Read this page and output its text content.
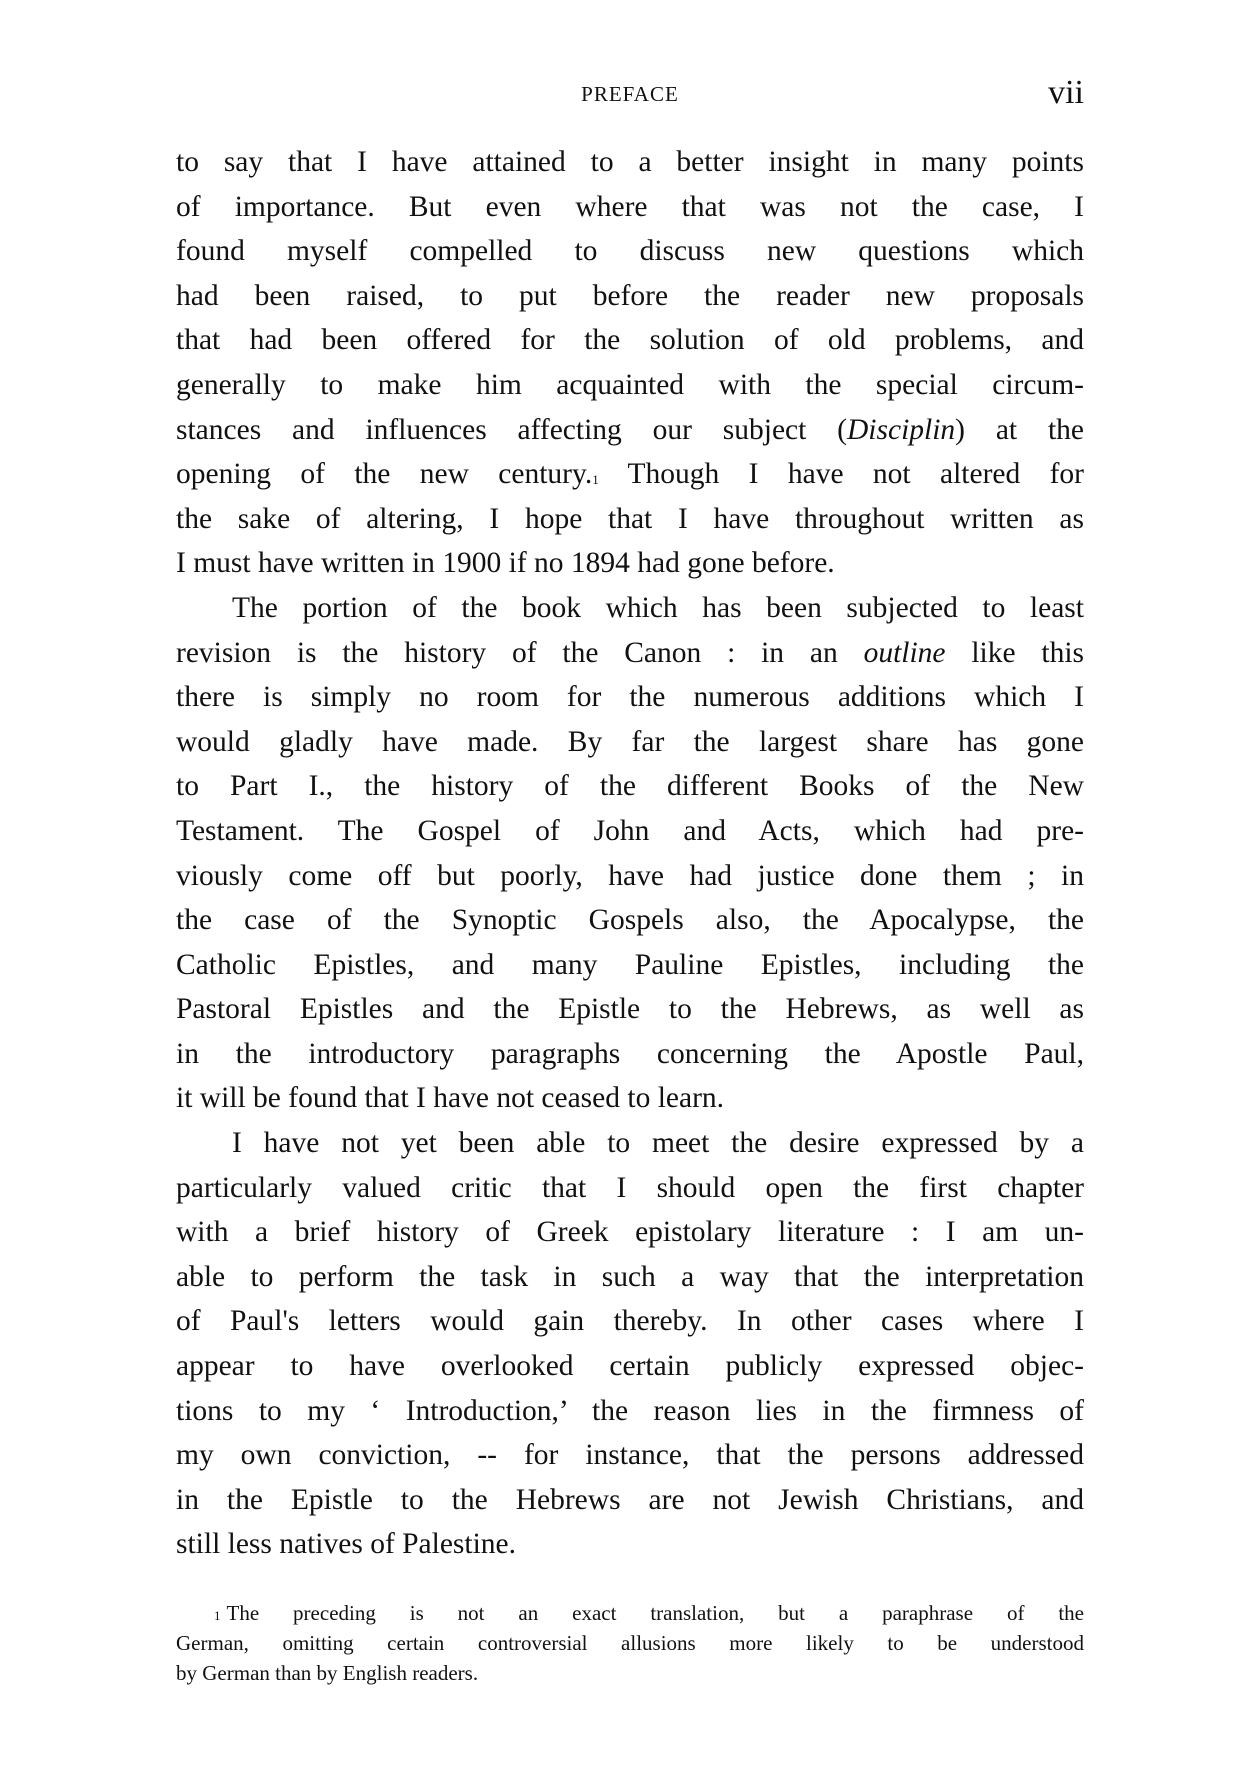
PREFACE	vii

to say that I have attained to a better insight in many points
of importance. But even where that was not the case, I
found myself compelled to discuss new questions which
had been raised, to put before the reader new proposals
that had been offered for the solution of old problems, and
generally to make him acquainted with the special circum-
stances and influences affecting our subject (Disciplin) at the
opening of the new century.$^1$ Though I have not altered for
the sake of altering, I hope that I have throughout written as
I must have written in 1900 if no 1894 had gone before.

The portion of the book which has been subjected to least
revision is the history of the Canon : in an outline like this
there is simply no room for the numerous additions which I
would gladly have made. By far the largest share has gone
to Part I., the history of the different Books of the New
Testament. The Gospel of John and Acts, which had pre-
viously come off but poorly, have had justice done them ; in
the case of the Synoptic Gospels also, the Apocalypse, the
Catholic Epistles, and many Pauline Epistles, including the
Pastoral Epistles and the Epistle to the Hebrews, as well as
in the introductory paragraphs concerning the Apostle Paul,
it will be found that I have not ceased to learn.

I have not yet been able to meet the desire expressed by a
particularly valued critic that I should open the first chapter
with a brief history of Greek epistolary literature : I am un-
able to perform the task in such a way that the interpretation
of Paul's letters would gain thereby. In other cases where I
appear to have overlooked certain publicly expressed objec-
tions to my ‘ Introduction,’ the reason lies in the firmness of
my own conviction, -- for instance, that the persons addressed
in the Epistle to the Hebrews are not Jewish Christians, and
still less natives of Palestine.

$^1$ The preceding is not an exact translation, but a paraphrase of the
German, omitting certain controversial allusions more likely to be understood
by German than by English readers.
